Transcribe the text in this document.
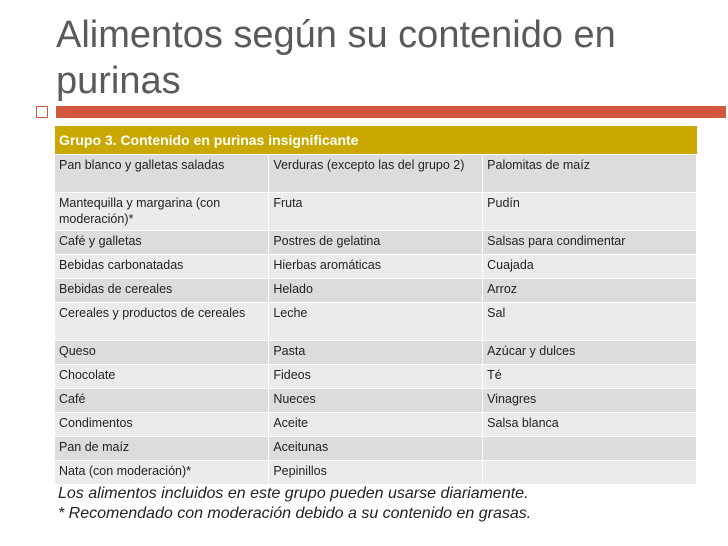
Alimentos según su contenido en purinas
Grupo 3. Contenido en purinas insignificante		
Pan blanco y galletas saladas	Verduras (excepto las del grupo 2)	Palomitas de maíz
Mantequilla y margarina (con moderación)*	Fruta	Pudín
Café y galletas	Postres de gelatina	Salsas para condimentar
Bebidas carbonatadas	Hierbas aromáticas	Cuajada
Bebidas de cereales	Helado	Arroz
Cereales y productos de cereales	Leche	Sal
Queso	Pasta	Azúcar y dulces
Chocolate	Fideos	Té
Café	Nueces	Vinagres
Condimentos	Aceite	Salsa blanca
Pan de maíz	Aceitunas	
Nata (con moderación)*	Pepinillos	
Los alimentos incluidos en este grupo pueden usarse diariamente.
* Recomendado con moderación debido a su contenido en grasas.
